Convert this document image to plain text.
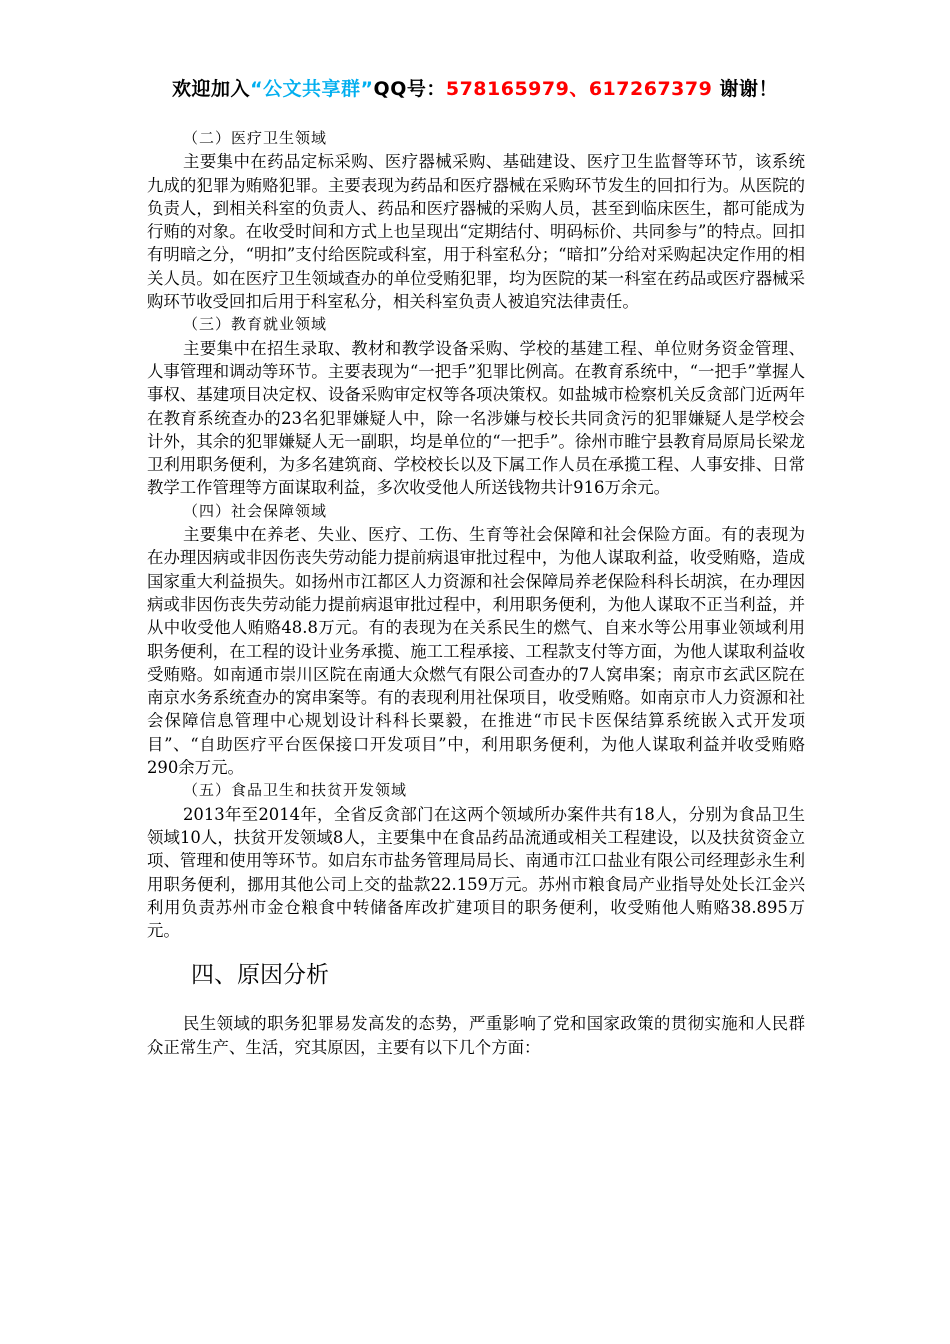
欢迎加入“公文共享群”QQ号：578165979、617267379 谢谢！

（二）医疗卫生领域

主要集中在药品定标采购、医疗器械采购、基础建设、医疗卫生监督等环节，该系统九成的犯罪为贿赂犯罪。主要表现为药品和医疗器械在采购环节发生的回扣行为。从医院的负责人，到相关科室的负责人、药品和医疗器械的采购人员，甚至到临床医生，都可能成为行贿的对象。在收受时间和方式上也呈现出“定期结付、明码标价、共同参与”的特点。回扣有明暗之分，“明扣”支付给医院或科室，用于科室私分；“暗扣”分给对采购起决定作用的相关人员。如在医疗卫生领域查办的单位受贿犯罪，均为医院的某一科室在药品或医疗器械采购环节收受回扣后用于科室私分，相关科室负责人被追究法律责任。

（三）教育就业领域

主要集中在招生录取、教材和教学设备采购、学校的基建工程、单位财务资金管理、人事管理和调动等环节。主要表现为“一把手”犯罪比例高。在教育系统中，“一把手”掌握人事权、基建项目决定权、设备采购审定权等各项决策权。如盐城市检察机关反贪部门近两年在教育系统查办的23名犯罪嫌疑人中，除一名涉嫌与校长共同贪污的犯罪嫌疑人是学校会计外，其余的犯罪嫌疑人无一副职，均是单位的“一把手”。徐州市睢宁县教育局原局长梁龙卫利用职务便利，为多名建筑商、学校校长以及下属工作人员在承揽工程、人事安排、日常教学工作管理等方面谋取利益，多次收受他人所送钱物共计916万余元。

（四）社会保障领域

主要集中在养老、失业、医疗、工伤、生育等社会保障和社会保险方面。有的表现为在办理因病或非因伤丧失劳动能力提前病退审批过程中，为他人谋取利益，收受贿赂，造成国家重大利益损失。如扬州市江都区人力资源和社会保障局养老保险科科长胡滨，在办理因病或非因伤丧失劳动能力提前病退审批过程中，利用职务便利，为他人谋取不正当利益，并从中收受他人贿赂48.8万元。有的表现为在关系民生的燃气、自来水等公用事业领域利用职务便利，在工程的设计业务承揽、施工工程承接、工程款支付等方面，为他人谋取利益收受贿赂。如南通市崇川区院在南通大众燃气有限公司查办的7人窝串案；南京市玄武区院在南京水务系统查办的窝串案等。有的表现利用社保项目，收受贿赂。如南京市人力资源和社会保障信息管理中心规划设计科科长粟毅，在推进“市民卡医保结算系统嵌入式开发项目”、“自助医疗平台医保接口开发项目”中，利用职务便利，为他人谋取利益并收受贿赂290余万元。

（五）食品卫生和扶贫开发领域

2013年至2014年，全省反贪部门在这两个领域所办案件共有18人，分别为食品卫生领域10人，扶贫开发领域8人，主要集中在食品药品流通或相关工程建设，以及扶贫资金立项、管理和使用等环节。如启东市盐务管理局局长、南通市江口盐业有限公司经理彭永生利用职务便利，挪用其他公司上交的盐款22.159万元。苏州市粮食局产业指导处处长江金兴利用负责苏州市金仓粮食中转储备库改扩建项目的职务便利，收受贿他人贿赂38.895万元。

四、原因分析

民生领域的职务犯罪易发高发的态势，严重影响了党和国家政策的贯彻实施和人民群众正常生产、生活，究其原因，主要有以下几个方面：
